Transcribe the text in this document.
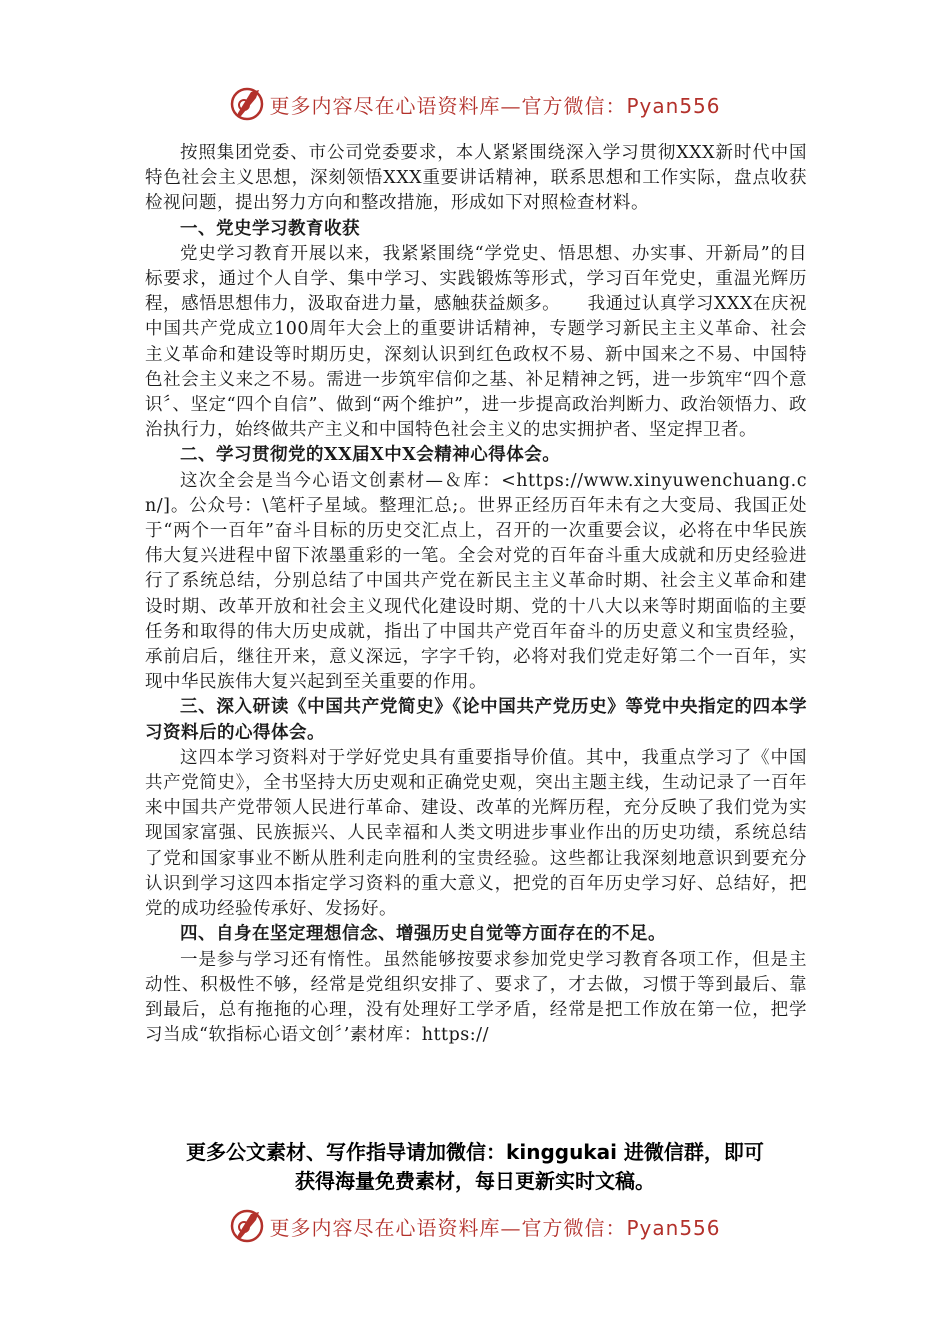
更多内容尽在心语资料库—官方微信：Pyan556

按照集团党委、市公司党委要求，本人紧紧围绕深入学习贯彻XXX新时代中国特色社会主义思想，深刻领悟XXX重要讲话精神，联系思想和工作实际，盘点收获检视问题，提出努力方向和整改措施，形成如下对照检查材料。

一、党史学习教育收获

党史学习教育开展以来，我紧紧围绕“学党史、悟思想、办实事、开新局”的目标要求，通过个人自学、集中学习、实践锻炼等形式，学习百年党史，重温光辉历程，感悟思想伟力，汲取奋进力量，感触获益颇多。　　我通过认真学习XXX在庆祝中国共产党成立100周年大会上的重要讲话精神，专题学习新民主主义革命、社会主义革命和建设等时期历史，深刻认识到红色政权不易、新中国来之不易、中国特色社会主义来之不易。需进一步筑牢信仰之基、补足精神之钙，进一步筑牢“四个意识〞、坚定“四个自信”、做到“两个维护”，进一步提高政治判断力、政治领悟力、政治执行力，始终做共产主义和中国特色社会主义的忠实拥护者、坚定捍卫者。

二、学习贯彻党的XX届X中X会精神心得体会。

这次全会是当今心语文创素材—＆库：<https://www.xinyuwenchuang.cn/]。公众号：\笔杆子星域。整理汇总;。世界正经历百年未有之大变局、我国正处于“两个一百年”奋斗目标的历史交汇点上，召开的一次重要会议，必将在中华民族伟大复兴进程中留下浓墨重彩的一笔。全会对党的百年奋斗重大成就和历史经验进行了系统总结，分别总结了中国共产党在新民主主义革命时期、社会主义革命和建设时期、改革开放和社会主义现代化建设时期、党的十八大以来等时期面临的主要任务和取得的伟大历史成就，指出了中国共产党百年奋斗的历史意义和宝贵经验，承前启后，继往开来，意义深远，字字千钧，必将对我们党走好第二个一百年，实现中华民族伟大复兴起到至关重要的作用。

三、深入研读《中国共产党简史》《论中国共产党历史》等党中央指定的四本学习资料后的心得体会。

这四本学习资料对于学好党史具有重要指导价值。其中，我重点学习了《中国共产党简史》，全书坚持大历史观和正确党史观，突出主题主线，生动记录了一百年来中国共产党带领人民进行革命、建设、改革的光辉历程，充分反映了我们党为实现国家富强、民族振兴、人民幸福和人类文明进步事业作出的历史功绩，系统总结了党和国家事业不断从胜利走向胜利的宝贵经验。这些都让我深刻地意识到要充分认识到学习这四本指定学习资料的重大意义，把党的百年历史学习好、总结好，把党的成功经验传承好、发扬好。

四、自身在坚定理想信念、增强历史自觉等方面存在的不足。

一是参与学习还有惰性。虽然能够按要求参加党史学习教育各项工作，但是主动性、积极性不够，经常是党组织安排了、要求了，才去做，习惯于等到最后、靠到最后，总有拖拖的心理，没有处理好工学矛盾，经常是把工作放在第一位，把学习当成“软指标心语文创〞’素材库：https://

更多公文素材、写作指导请加微信：kinggukai 进微信群，即可
获得海量免费素材，每日更新实时文稿。
更多内容尽在心语资料库—官方微信：Pyan556
